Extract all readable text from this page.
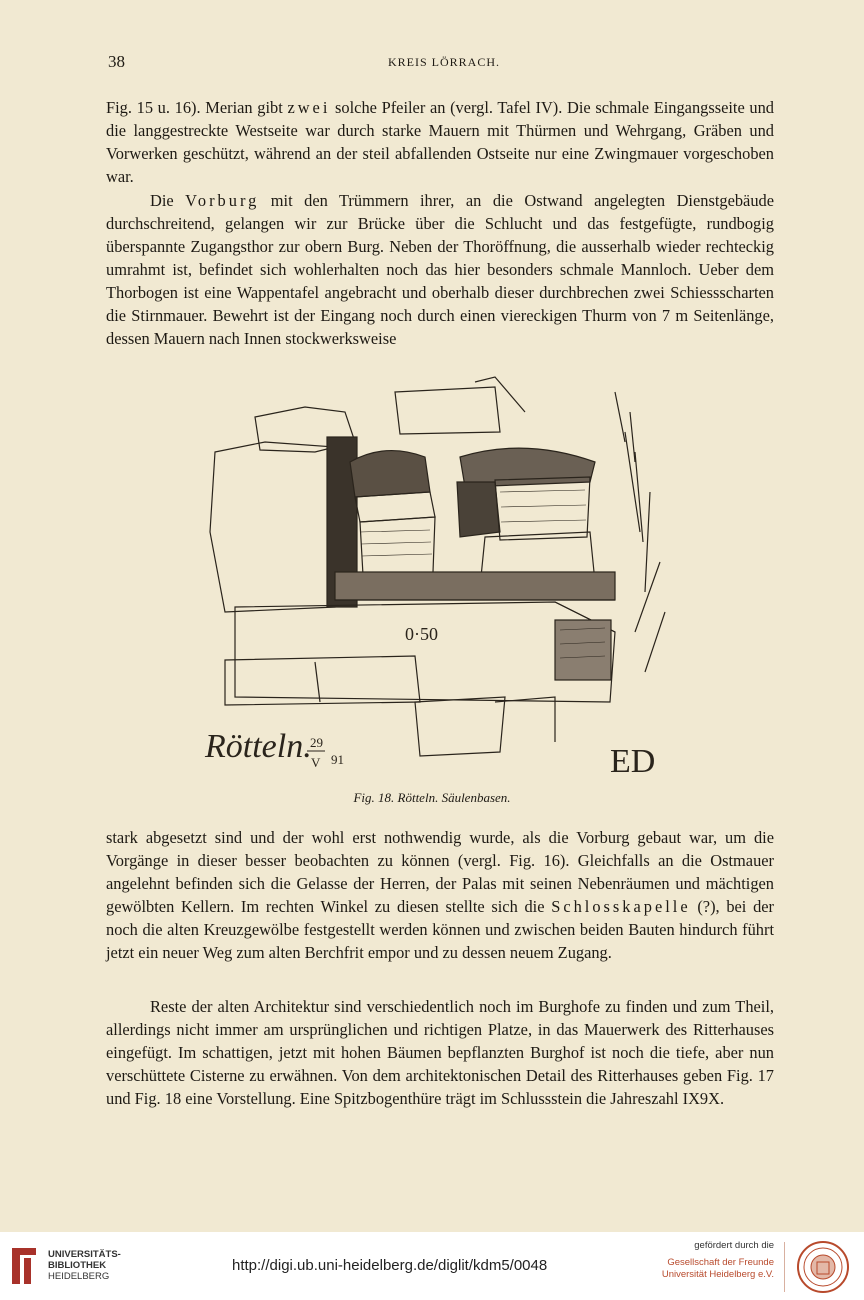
38	KREIS LÖRRACH.

Fig. 15 u. 16). Merian gibt zwei solche Pfeiler an (vergl. Tafel IV). Die schmale Eingangsseite und die langgestreckte Westseite war durch starke Mauern mit Thürmen und Wehrgang, Gräben und Vorwerken geschützt, während an der steil abfallenden Ostseite nur eine Zwingmauer vorgeschoben war.

Die Vorburg mit den Trümmern ihrer, an die Ostwand angelegten Dienstgebäude durchschreitend, gelangen wir zur Brücke über die Schlucht und das festgefügte, rundbogig überspannte Zugangsthor zur obern Burg. Neben der Thoröffnung, die ausserhalb wieder rechteckig umrahmt ist, befindet sich wohlerhalten noch das hier besonders schmale Mannloch. Ueber dem Thorbogen ist eine Wappentafel angebracht und oberhalb dieser durchbrechen zwei Schiessscharten die Stirnmauer. Bewehrt ist der Eingang noch durch einen viereckigen Thurm von 7 m Seitenlänge, dessen Mauern nach Innen stockwerksweise

0·50
Rötteln.
29
V 91	ED
Fig. 18. Rötteln. Säulenbasen.

stark abgesetzt sind und der wohl erst nothwendig wurde, als die Vorburg gebaut war, um die Vorgänge in dieser besser beobachten zu können (vergl. Fig. 16). Gleichfalls an die Ostmauer angelehnt befinden sich die Gelasse der Herren, der Palas mit seinen Nebenräumen und mächtigen gewölbten Kellern. Im rechten Winkel zu diesen stellte sich die Schlosskapelle (?), bei der noch die alten Kreuzgewölbe festgestellt werden können und zwischen beiden Bauten hindurch führt jetzt ein neuer Weg zum alten Berchfrit empor und zu dessen neuem Zugang.

Reste der alten Architektur sind verschiedentlich noch im Burghofe zu finden und zum Theil, allerdings nicht immer am ursprünglichen und richtigen Platze, in das Mauerwerk des Ritterhauses eingefügt. Im schattigen, jetzt mit hohen Bäumen bepflanzten Burghof ist noch die tiefe, aber nun verschüttete Cisterne zu erwähnen. Von dem architektonischen Detail des Ritterhauses geben Fig. 17 und Fig. 18 eine Vorstellung. Eine Spitzbogenthüre trägt im Schlussstein die Jahreszahl IX9X.

UNIVERSITÄTS-
BIBLIOTHEK
HEIDELBERG
http://digi.ub.uni-heidelberg.de/diglit/kdm5/0048
gefördert durch die
Gesellschaft der Freunde
Universität Heidelberg e.V.
